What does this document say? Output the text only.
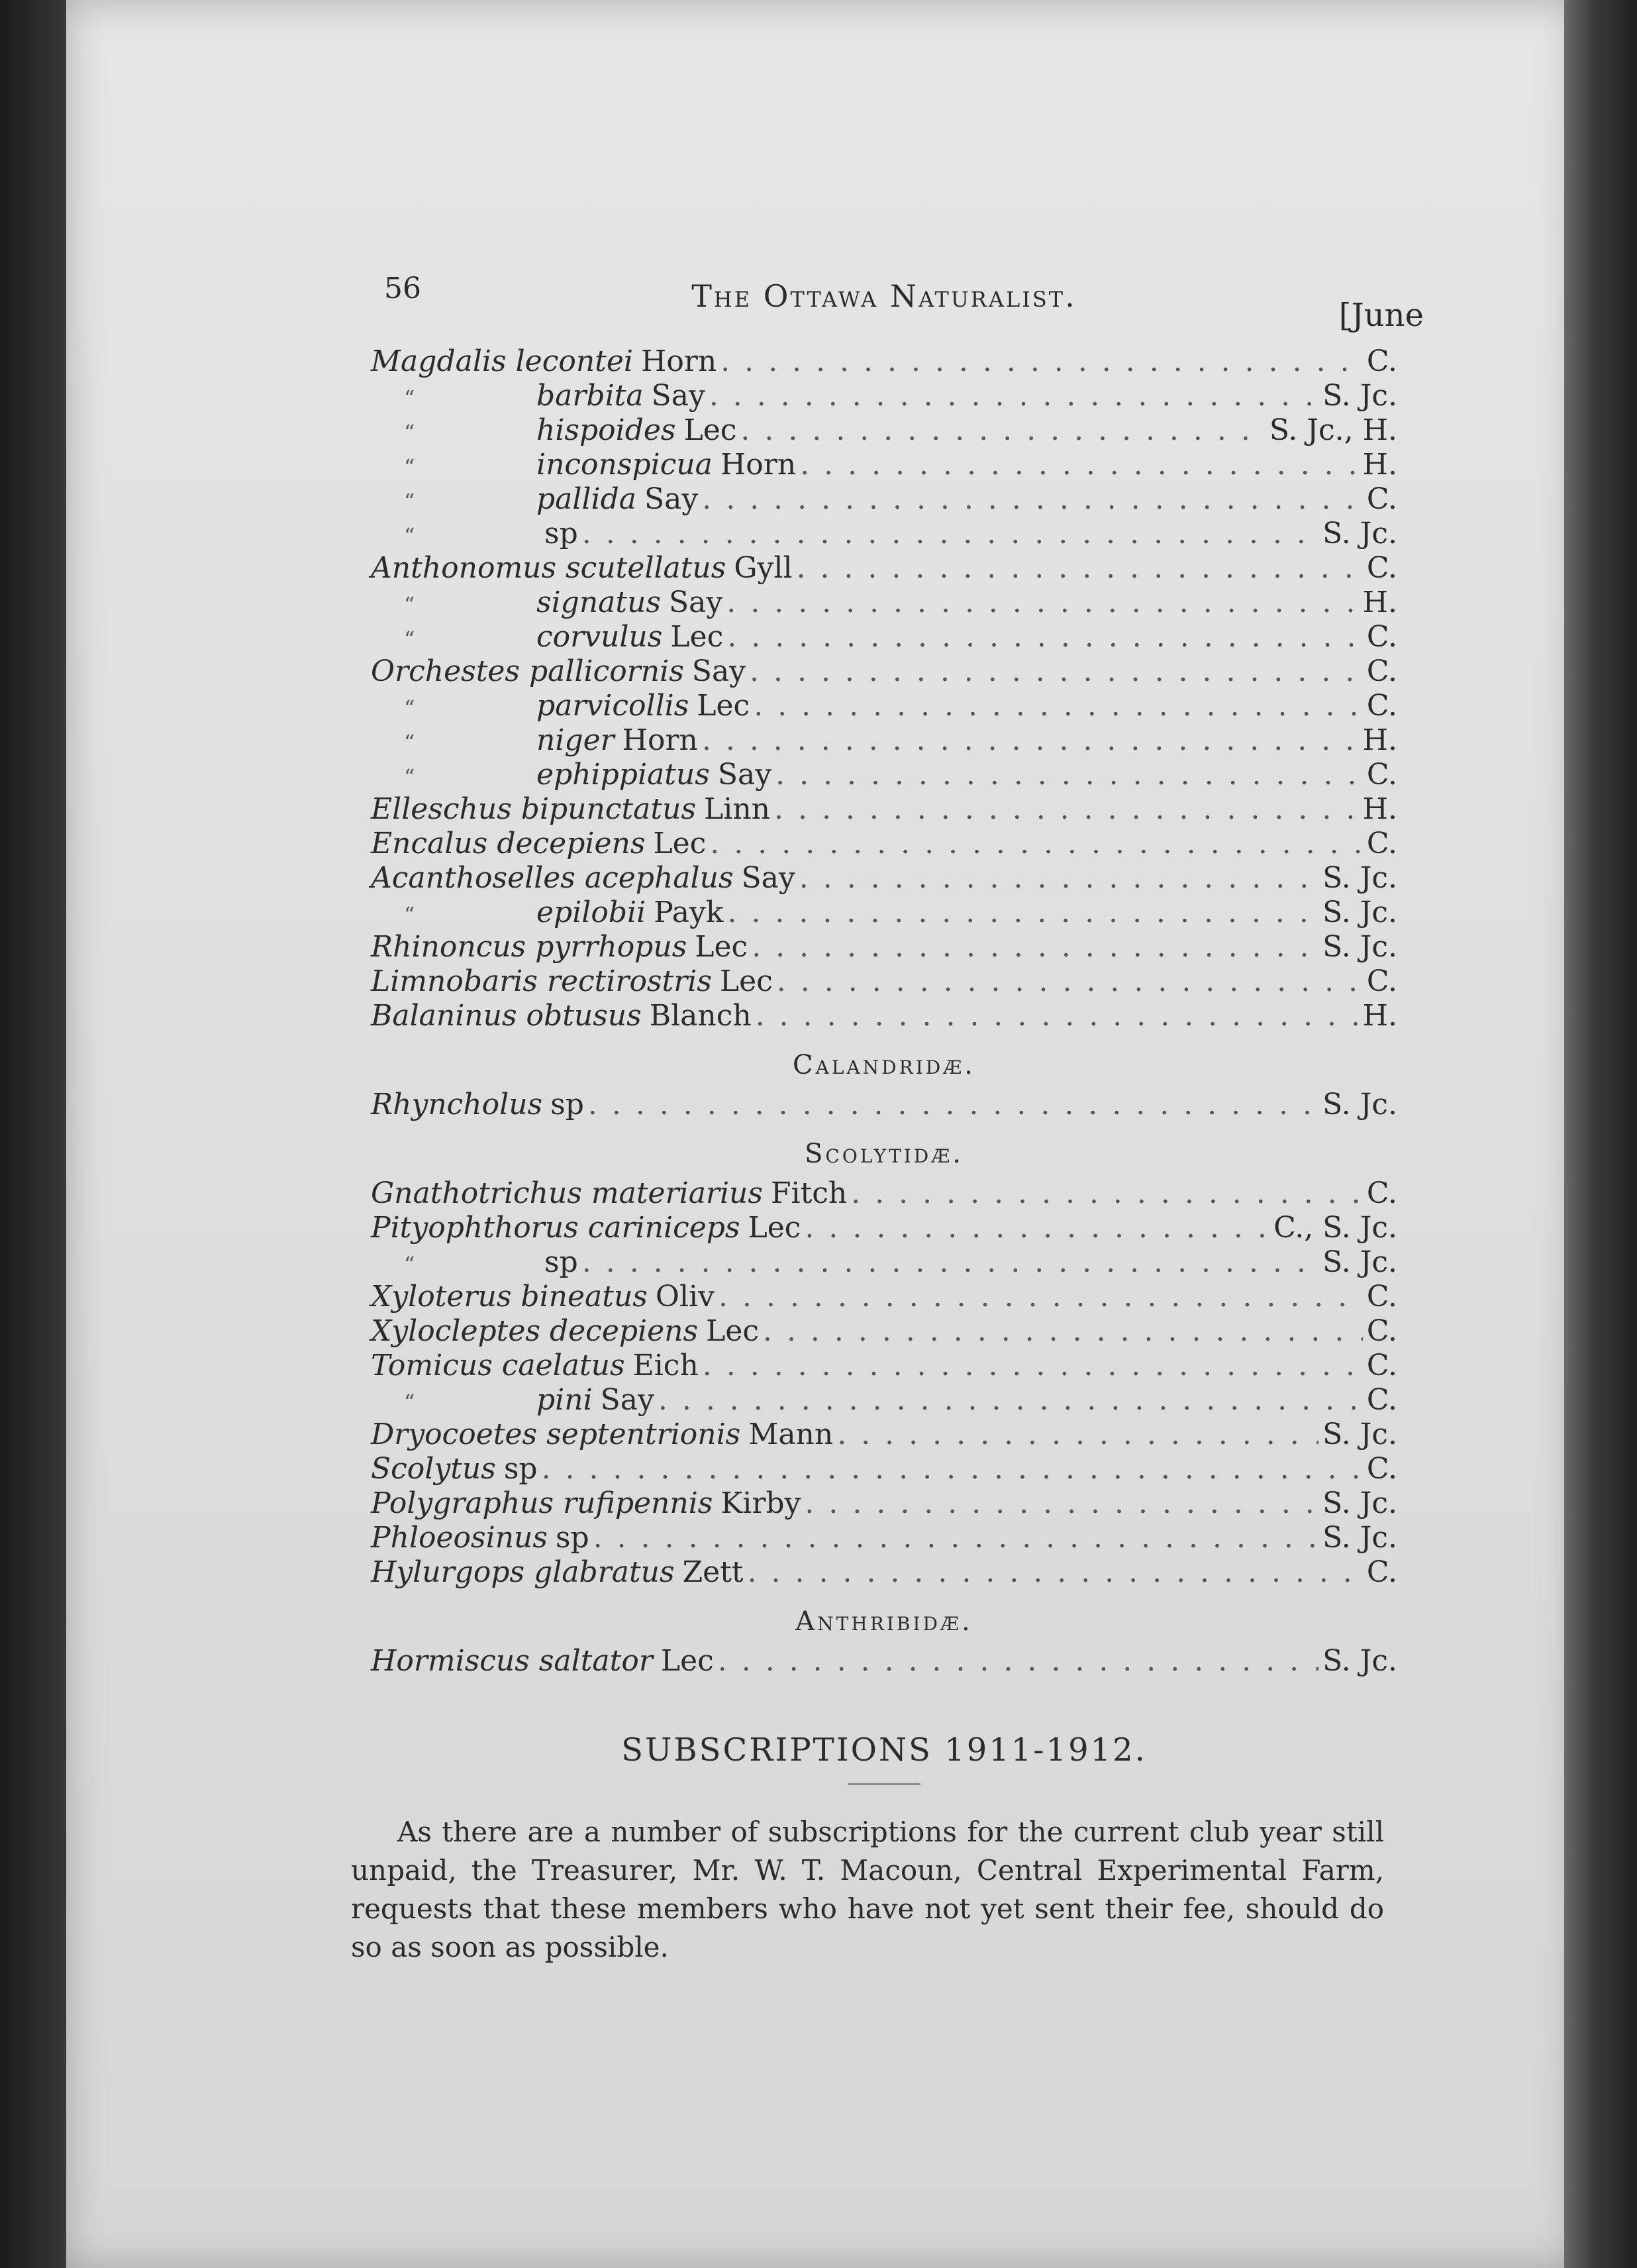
56	The Ottawa Naturalist.
[June
Magdalis lecontei Horn . . .	C.
“	barbita Say . . .	S. Jc.
“	hispoides Lec . . .	S. Jc., H.
“	inconspicua Horn . . .	H.
“	pallida Say . . .	C.
“	sp . . .	S. Jc.
Anthonomus scutellatus Gyll . . .	C.
“	signatus Say . . .	H.
“	corvulus Lec . . .	C.
Orchestes pallicornis Say . . .	C.
“	parvicollis Lec . . .	C.
“	niger Horn . . .	H.
“	ephippiatus Say . . .	C.
Elleschus bipunctatus Linn . . .	H.
Encalus decepiens Lec . . .	C.
Acanthoselles acephalus Say . . .	S. Jc.
“	epilobii Payk . . .	S. Jc.
Rhinoncus pyrrhopus Lec . . .	S. Jc.
Limnobaris rectirostris Lec . . .	C.
Balaninus obtusus Blanch . . .	H.
Calandridæ.
Rhyncholus sp . . .	S. Jc.
Scolytidæ.
Gnathotrichus materiarius Fitch . . .	C.
Pityophthorus cariniceps Lec . . .	C., S. Jc.
“	sp . . .	S. Jc.
Xyloterus bineatus Oliv . . .	C.
Xylocleptes decepiens Lec . . .	C.
Tomicus caelatus Eich . . .	C.
“	pini Say . . .	C.
Dryocoetes septentrionis Mann . . .	S. Jc.
Scolytus sp . . .	C.
Polygraphus rufipennis Kirby . . .	S. Jc.
Phloeosinus sp . . .	S. Jc.
Hylurgops glabratus Zett . . .	C.
Anthribidæ.
Hormiscus saltator Lec . . .	S. Jc.
SUBSCRIPTIONS 1911-1912.

As there are a number of subscriptions for the current club year still unpaid, the Treasurer, Mr. W. T. Macoun, Central Experimental Farm, requests that these members who have not yet sent their fee, should do so as soon as possible.
